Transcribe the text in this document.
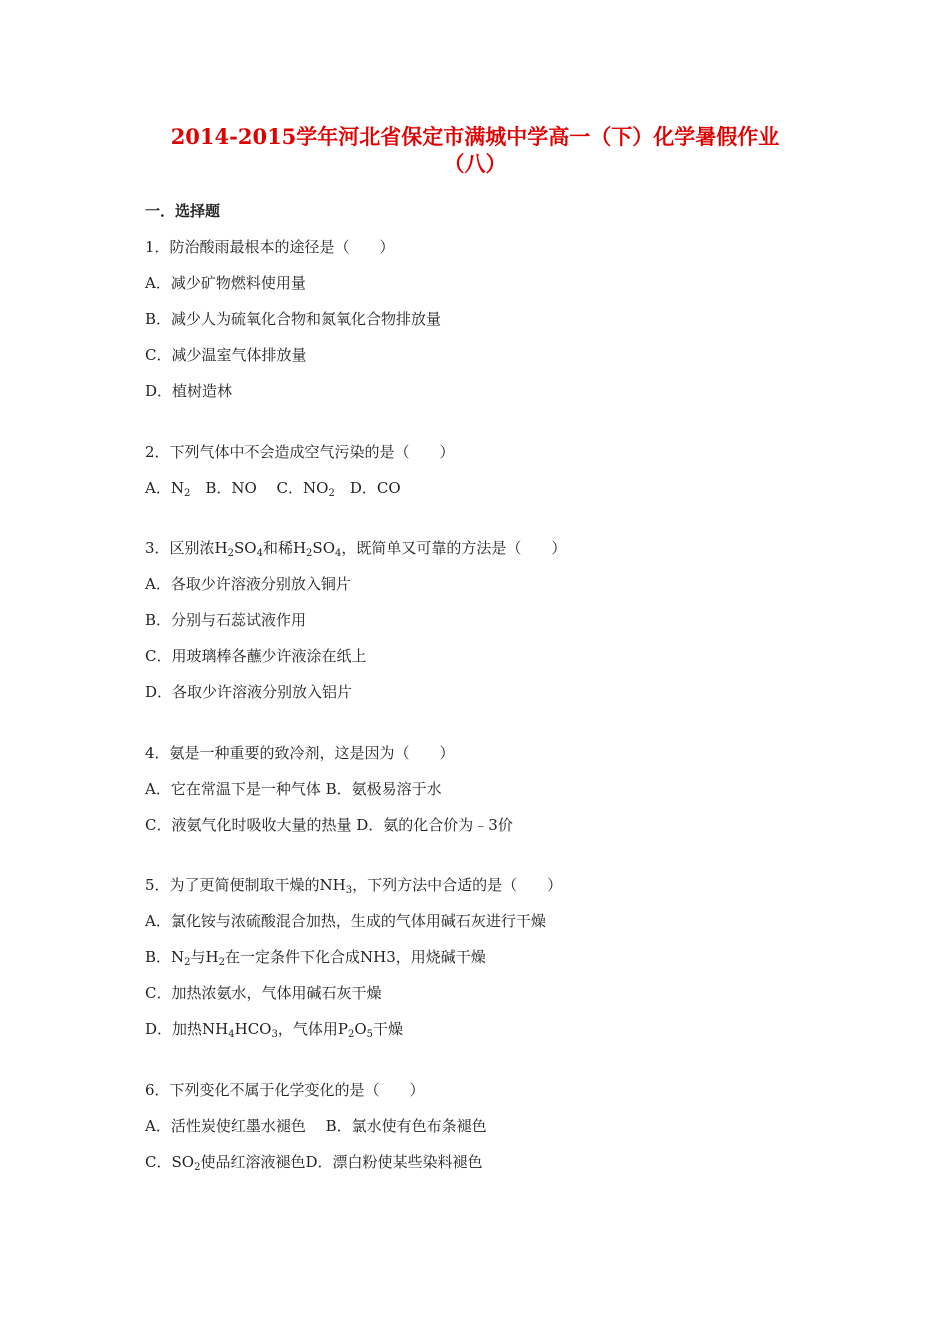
2014-2015学年河北省保定市满城中学高一（下）化学暑假作业
（八）
一．选择题
1．防治酸雨最根本的途径是（　　）
A．减少矿物燃料使用量
B．减少人为硫氧化合物和氮氧化合物排放量
C．减少温室气体排放量
D．植树造林
2．下列气体中不会造成空气污染的是（　　）
A．$N_2$　B．NO　 C．$NO_2$　D．CO
3．区别浓$H_2SO_4$和稀$H_2SO_4$，既简单又可靠的方法是（　　）
A．各取少许溶液分别放入铜片
B．分别与石蕊试液作用
C．用玻璃棒各蘸少许液涂在纸上
D．各取少许溶液分别放入铝片
4．氨是一种重要的致冷剂，这是因为（　　）
A．它在常温下是一种气体 B．氨极易溶于水
C．液氨气化时吸收大量的热量 D．氨的化合价为﹣3价
5．为了更简便制取干燥的$NH_3$，下列方法中合适的是（　　）
A．氯化铵与浓硫酸混合加热，生成的气体用碱石灰进行干燥
B．$N_2$与$H_2$在一定条件下化合成NH3，用烧碱干燥
C．加热浓氨水，气体用碱石灰干燥
D．加热$NH_4HCO_3$，气体用$P_2O_5$干燥
6．下列变化不属于化学变化的是（　　）
A．活性炭使红墨水褪色　 B．氯水使有色布条褪色
C．$SO_2$使品红溶液褪色D．漂白粉使某些染料褪色
